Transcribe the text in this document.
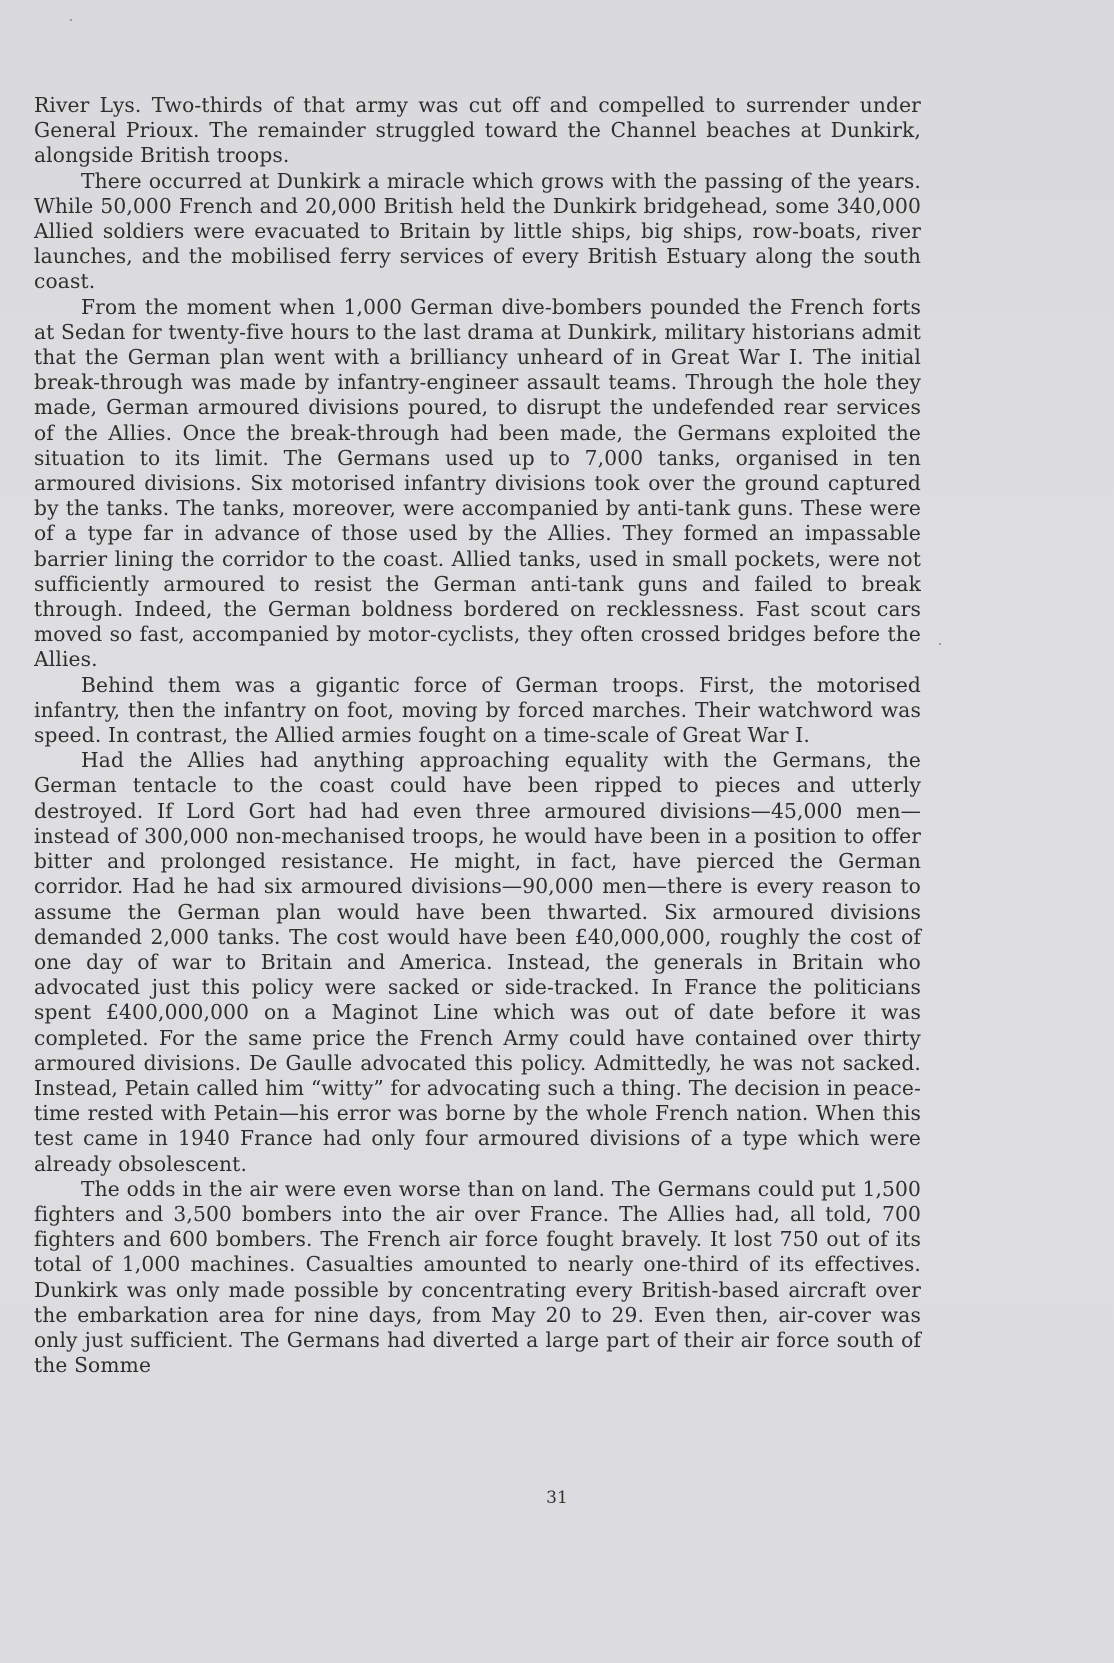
River Lys. Two-thirds of that army was cut off and compelled to surrender under General Prioux. The remainder struggled toward the Channel beaches at Dunkirk, alongside British troops.

There occurred at Dunkirk a miracle which grows with the passing of the years. While 50,000 French and 20,000 British held the Dunkirk bridgehead, some 340,000 Allied soldiers were evacuated to Britain by little ships, big ships, row-boats, river launches, and the mobilised ferry services of every British Estuary along the south coast.

From the moment when 1,000 German dive-bombers pounded the French forts at Sedan for twenty-five hours to the last drama at Dunkirk, military historians admit that the German plan went with a brilliancy unheard of in Great War I. The initial break-through was made by infantry-engineer assault teams. Through the hole they made, German armoured divisions poured, to disrupt the undefended rear services of the Allies. Once the break-through had been made, the Germans exploited the situation to its limit. The Germans used up to 7,000 tanks, organised in ten armoured divisions. Six motorised infantry divisions took over the ground captured by the tanks. The tanks, moreover, were accompanied by anti-tank guns. These were of a type far in advance of those used by the Allies. They formed an impassable barrier lining the corridor to the coast. Allied tanks, used in small pockets, were not sufficiently armoured to resist the German anti-tank guns and failed to break through. Indeed, the German boldness bordered on recklessness. Fast scout cars moved so fast, accompanied by motor-cyclists, they often crossed bridges before the Allies.

Behind them was a gigantic force of German troops. First, the motorised infantry, then the infantry on foot, moving by forced marches. Their watchword was speed. In contrast, the Allied armies fought on a time-scale of Great War I.

Had the Allies had anything approaching equality with the Germans, the German tentacle to the coast could have been ripped to pieces and utterly destroyed. If Lord Gort had had even three armoured divisions—45,000 men—instead of 300,000 non-mechanised troops, he would have been in a position to offer bitter and prolonged resistance. He might, in fact, have pierced the German corridor. Had he had six armoured divisions—90,000 men—there is every reason to assume the German plan would have been thwarted. Six armoured divisions demanded 2,000 tanks. The cost would have been £40,000,000, roughly the cost of one day of war to Britain and America. Instead, the generals in Britain who advocated just this policy were sacked or side-tracked. In France the politicians spent £400,000,000 on a Maginot Line which was out of date before it was completed. For the same price the French Army could have contained over thirty armoured divisions. De Gaulle advocated this policy. Admittedly, he was not sacked. Instead, Petain called him “witty” for advocating such a thing. The decision in peace-time rested with Petain—his error was borne by the whole French nation. When this test came in 1940 France had only four armoured divisions of a type which were already obsolescent.

The odds in the air were even worse than on land. The Germans could put 1,500 fighters and 3,500 bombers into the air over France. The Allies had, all told, 700 fighters and 600 bombers. The French air force fought bravely. It lost 750 out of its total of 1,000 machines. Casualties amounted to nearly one-third of its effectives. Dunkirk was only made possible by concentrating every British-based aircraft over the embarkation area for nine days, from May 20 to 29. Even then, air-cover was only just sufficient. The Germans had diverted a large part of their air force south of the Somme

31
